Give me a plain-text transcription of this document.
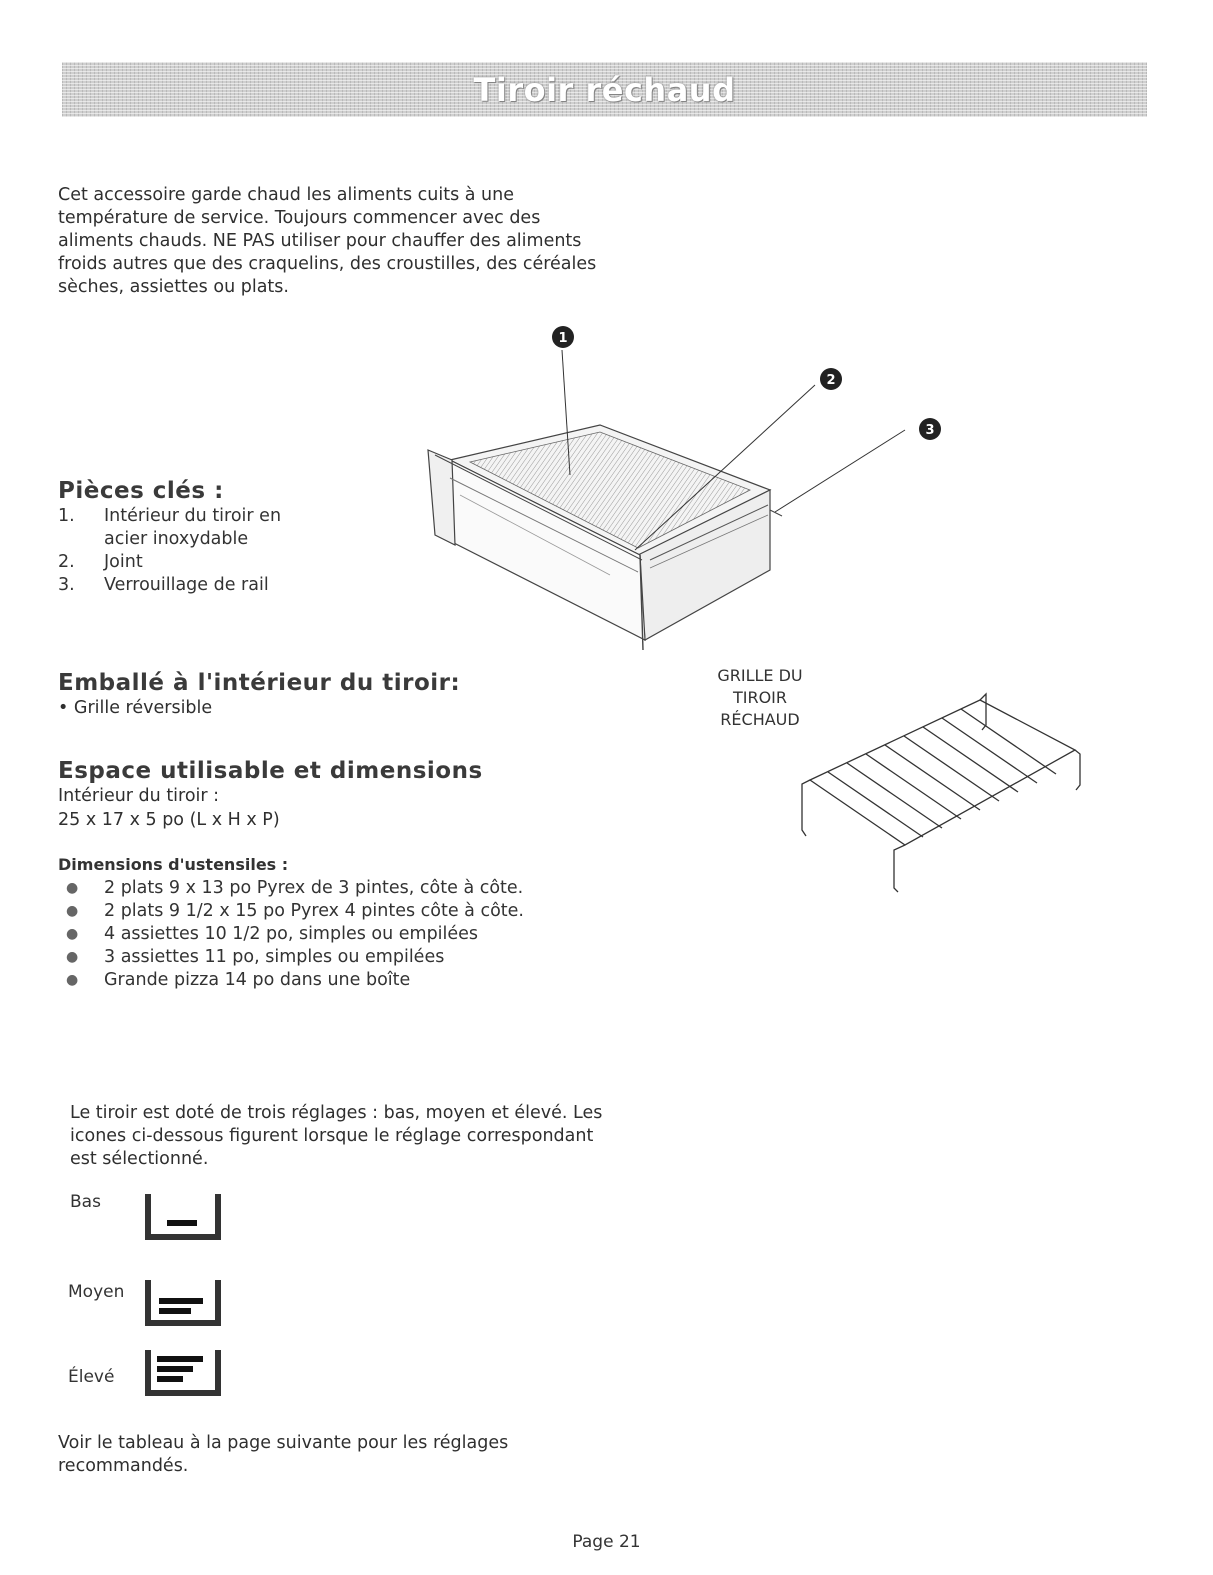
Tiroir réchaud

Cet accessoire garde chaud les aliments cuits à une température de service. Toujours commencer avec des aliments chauds. NE PAS utiliser pour chauffer des aliments froids autres que des craquelins, des croustilles, des céréales sèches, assiettes ou plats.

Pièces clés :
1. Intérieur du tiroir en acier inoxydable
2. Joint
3. Verrouillage de rail
1
2
3
GRILLE DU TIROIR RÉCHAUD
Emballé à l'intérieur du tiroir:

• Grille réversible

Espace utilisable et dimensions

Intérieur du tiroir :

25 x 17 x 5 po (L x H x P)

Dimensions d'ustensiles :
● 2 plats 9 x 13 po Pyrex de 3 pintes, côte à côte.
● 2 plats 9 1/2 x 15 po Pyrex 4 pintes côte à côte.
● 4 assiettes 10 1/2 po, simples ou empilées
● 3 assiettes 11 po, simples ou empilées
● Grande pizza 14 po dans une boîte

Le tiroir est doté de trois réglages : bas, moyen et élevé. Les icones ci-dessous figurent lorsque le réglage correspondant est sélectionné.

Bas
Moyen
Élevé

Voir le tableau à la page suivante pour les réglages recommandés.

Page 21
